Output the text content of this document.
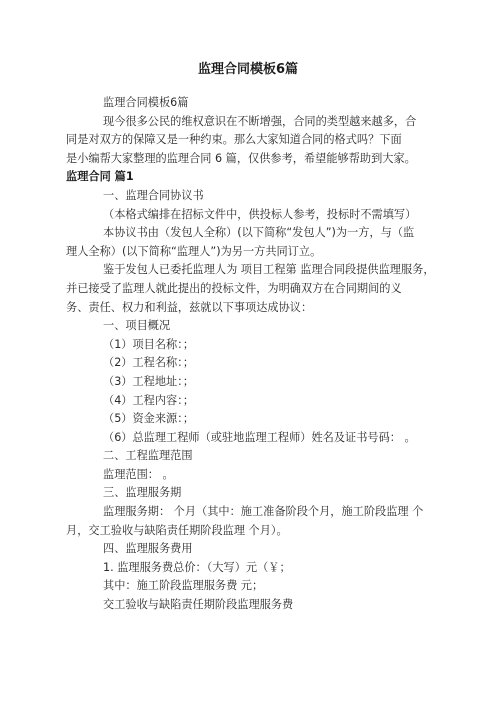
监理合同模板6篇

监理合同模板6篇

现今很多公民的维权意识在不断增强，合同的类型越来越多，合

同是对双方的保障又是一种约束。那么大家知道合同的格式吗？下面

是小编帮大家整理的监理合同 6 篇，仅供参考，希望能够帮助到大家。

监理合同 篇1

一、监理合同协议书

（本格式编排在招标文件中，供投标人参考，投标时不需填写）

本协议书由（发包人全称）(以下简称“发包人”)为一方，与（监

理人全称）(以下简称“监理人”)为另一方共同订立。

鉴于发包人已委托监理人为 项目工程第 监理合同段提供监理服务，

并已接受了监理人就此提出的投标文件，为明确双方在合同期间的义

务、责任、权力和利益，兹就以下事项达成协议：

一、项目概况

（1）项目名称：；

（2）工程名称：；

（3）工程地址：；

（4）工程内容：；

（5）资金来源：；

（6）总监理工程师（或驻地监理工程师）姓名及证书号码： 。

二、工程监理范围

监理范围： 。

三、监理服务期

监理服务期： 个月（其中：施工准备阶段个月，施工阶段监理 个

月，交工验收与缺陷责任期阶段监理 个月）。

四、监理服务费用

1. 监理服务费总价：（大写）元（￥；

其中：施工阶段监理服务费 元；

交工验收与缺陷责任期阶段监理服务费
